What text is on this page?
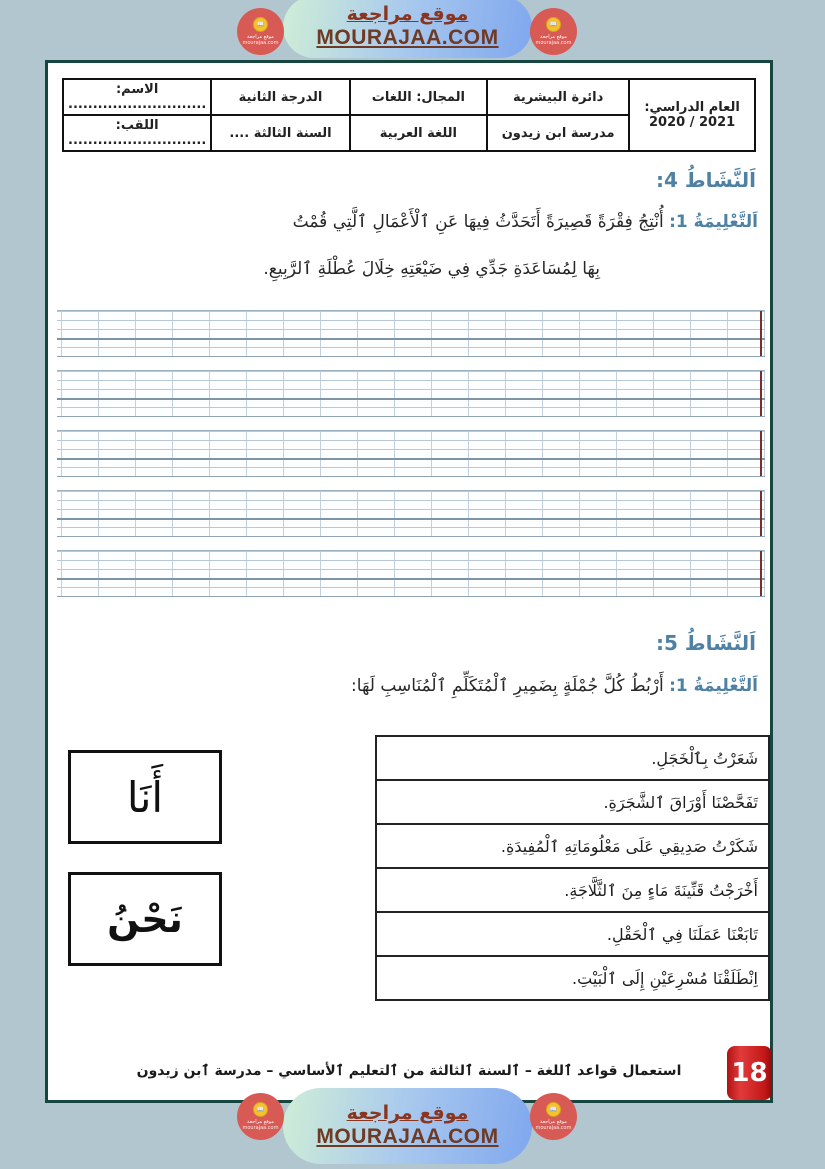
موقع مراجعة
MOURAJAA.COM
📖
موقع مراجعة
mourajaa.com
📖
موقع مراجعة
mourajaa.com
العام الدراسي:
2021 / 2020	دائرة البيشرية	المجال: اللغات	الدرجة الثانية	الاسم: ............................
	مدرسة ابن زيدون	اللغة العربية	السنة الثالثة ....	اللقب: ............................
اَلنَّشَاطُ 4:
اَلتَّعْلِيمَةُ 1: أُنْتِجُ فِقْرَةً قَصِيرَةً أَتَحَدَّثُ فِيهَا عَنِ ٱلْأَعْمَالِ ٱلَّتِي قُمْتُ
بِهَا لِمُسَاعَدَةِ جَدِّي فِي ضَيْعَتِهِ خِلَالَ عُطْلَةِ ٱلرَّبِيعِ.
اَلنَّشَاطُ 5:
اَلتَّعْلِيمَةُ 1: أَرْبُطُ كُلَّ جُمْلَةٍ بِضَمِيرِ ٱلْمُتَكَلِّمِ ٱلْمُنَاسِبِ لَهَا:
أَنَا
نَحْنُ
شَعَرْتُ بِٱلْخَجَلِ.
تَفَحَّصْنَا أَوْرَاقَ ٱلشَّجَرَةِ.
شَكَرْتُ صَدِيقِي عَلَى مَعْلُومَاتِهِ ٱلْمُفِيدَةِ.
أَخْرَجْتُ قَنِّينَةَ مَاءٍ مِنَ ٱلثَّلَّاجَةِ.
تَابَعْنَا عَمَلَنَا فِي ٱلْحَقْلِ.
اِنْطَلَقْنَا مُسْرِعَيْنِ إِلَى ٱلْبَيْتِ.
استعمال قواعد ٱللغة – ٱلسنة ٱلثالثة من ٱلتعليم ٱلأساسي – مدرسة ٱبن زيدون	18
موقع مراجعة
MOURAJAA.COM
📖
موقع مراجعة
mourajaa.com
📖
موقع مراجعة
mourajaa.com
